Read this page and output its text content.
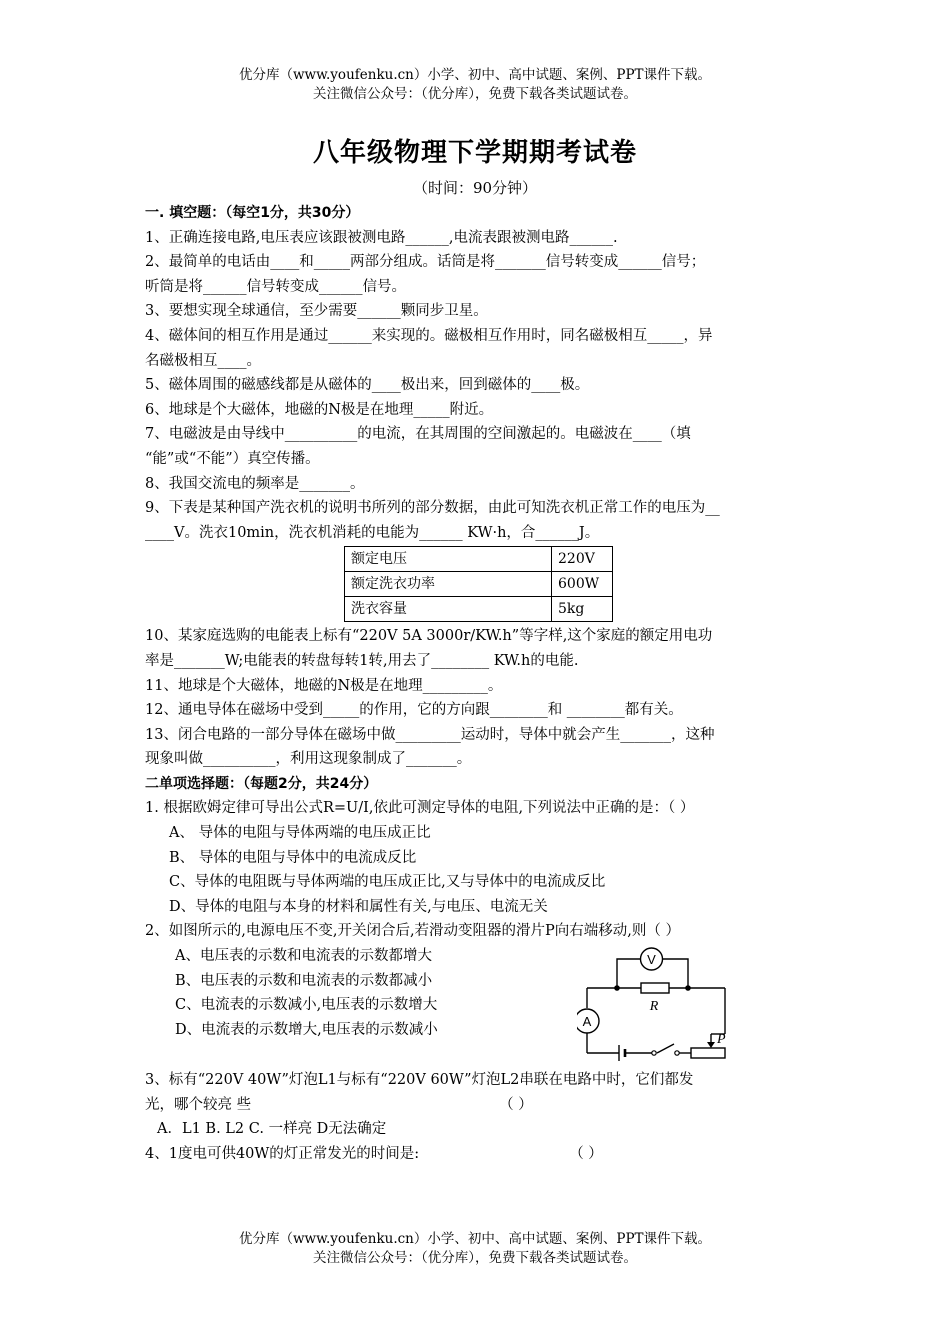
优分库（www.youfenku.cn）小学、初中、高中试题、案例、PPT课件下载。
关注微信公众号：（优分库），免费下载各类试题试卷。
八年级物理下学期期考试卷
（时间：90分钟）

一. 填空题：（每空1分，共30分）

1、正确连接电路,电压表应该跟被测电路______,电流表跟被测电路______.

2、最简单的电话由____和_____两部分组成。话筒是将_______信号转变成______信号；

听筒是将______信号转变成______信号。

3、要想实现全球通信，至少需要______颗同步卫星。

4、磁体间的相互作用是通过______来实现的。磁极相互作用时，同名磁极相互_____，异

名磁极相互____。

5、磁体周围的磁感线都是从磁体的____极出来，回到磁体的____极。

6、地球是个大磁体，地磁的N极是在地理_____附近。

7、电磁波是由导线中__________的电流，在其周围的空间激起的。电磁波在____（填

“能”或“不能”）真空传播。

8、我国交流电的频率是_______。

9、下表是某种国产洗衣机的说明书所列的部分数据，由此可知洗衣机正常工作的电压为__

____V。洗衣10min，洗衣机消耗的电能为______ KW·h，合______J。

额定电压	220V
额定洗衣功率	600W
洗衣容量	5kg

10、某家庭选购的电能表上标有“220V 5A 3000r/KW.h”等字样,这个家庭的额定用电功

率是_______W;电能表的转盘每转1转,用去了________ KW.h的电能.

11、地球是个大磁体，地磁的N极是在地理_________。

12、通电导体在磁场中受到_____的作用，它的方向跟________和 ________都有关。

13、闭合电路的一部分导体在磁场中做_________运动时，导体中就会产生_______，这种

现象叫做__________，利用这现象制成了_______。

二单项选择题：（每题2分，共24分）

1. 根据欧姆定律可导出公式R=U/I,依此可测定导体的电阻,下列说法中正确的是：（ ）

A、 导体的电阻与导体两端的电压成正比

B、 导体的电阻与导体中的电流成反比

C、导体的电阻既与导体两端的电压成正比,又与导体中的电流成反比

D、导体的电阻与本身的材料和属性有关,与电压、电流无关

2、如图所示的,电源电压不变,开关闭合后,若滑动变阻器的滑片P向右端移动,则（ ）

A、电压表的示数和电流表的示数都增大

B、电压表的示数和电流表的示数都减小

C、电流表的示数减小,电压表的示数增大

D、电流表的示数增大,电压表的示数减小

V
A
R
P

3、标有“220V 40W”灯泡L1与标有“220V 60W”灯泡L2串联在电路中时，它们都发

光，哪个较亮 些	（ ）

A．L1 B. L2 C. 一样亮 D无法确定

4、1度电可供40W的灯正常发光的时间是:	（ ）

优分库（www.youfenku.cn）小学、初中、高中试题、案例、PPT课件下载。
关注微信公众号：（优分库），免费下载各类试题试卷。
